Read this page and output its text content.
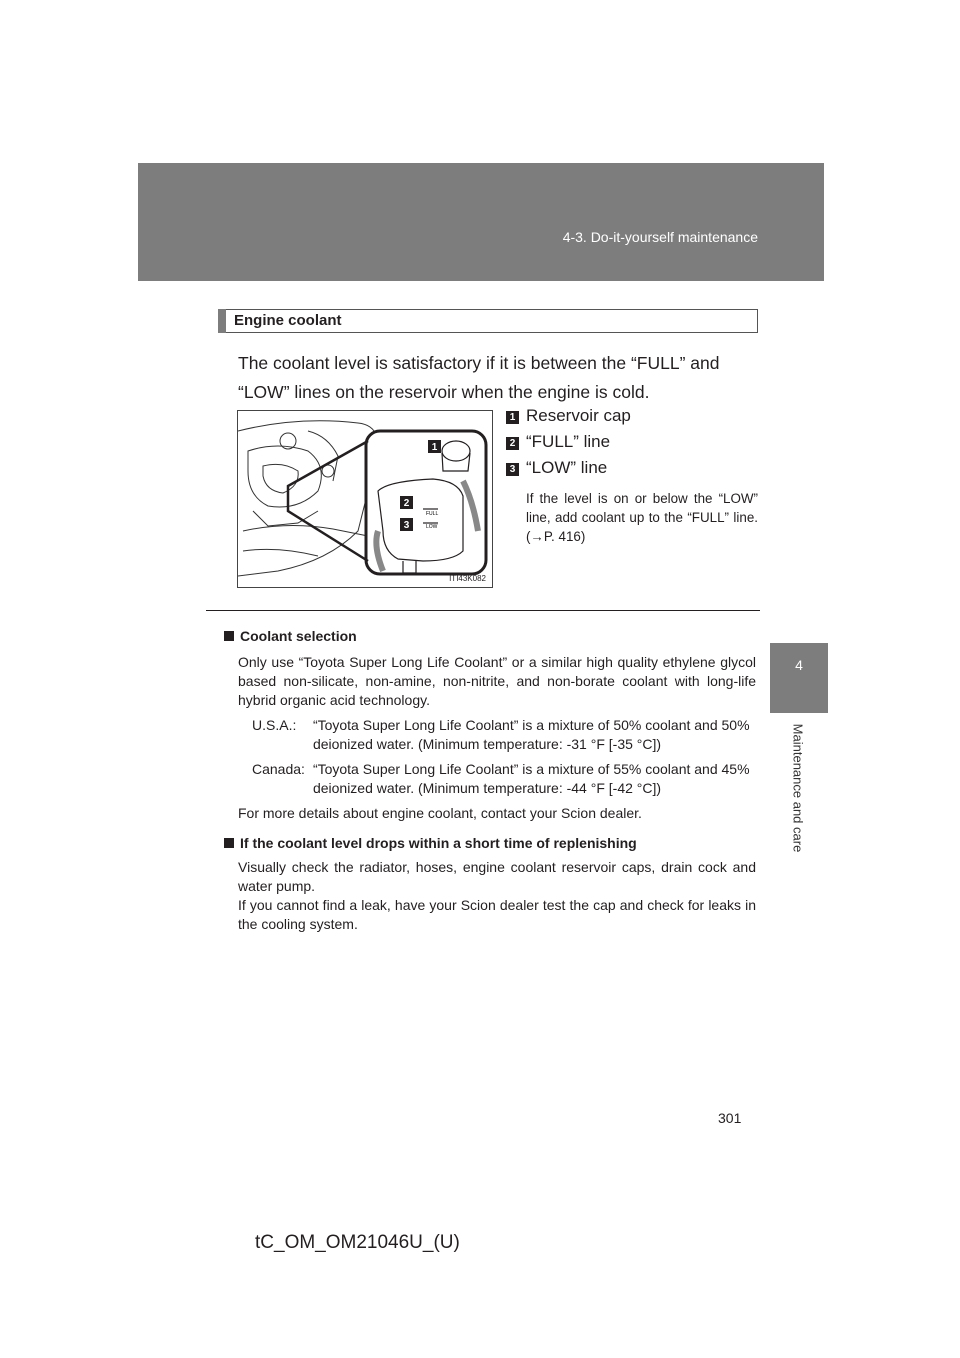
4-3. Do-it-yourself maintenance
4
Maintenance and care
Engine coolant
The coolant level is satisfactory if it is between the “FULL” and “LOW” lines on the reservoir when the engine is cold.
FULL
LOW
1
2
3
ITI43K082
1 Reservoir cap
2 “FULL” line
3 “LOW” line
If the level is on or below the “LOW” line, add coolant up to the “FULL” line. (→P. 416)
Coolant selection
Only use “Toyota Super Long Life Coolant” or a similar high quality ethylene glycol based non-silicate, non-amine, non-nitrite, and non-borate coolant with long-life hybrid organic acid technology.
U.S.A.:	“Toyota Super Long Life Coolant” is a mixture of 50% coolant and 50% deionized water. (Minimum temperature: -31 °F [-35 °C])
Canada:	“Toyota Super Long Life Coolant” is a mixture of 55% coolant and 45% deionized water. (Minimum temperature: -44 °F [-42 °C])
For more details about engine coolant, contact your Scion dealer.
If the coolant level drops within a short time of replenishing
Visually check the radiator, hoses, engine coolant reservoir caps, drain cock and water pump.
If you cannot find a leak, have your Scion dealer test the cap and check for leaks in the cooling system.
301
tC_OM_OM21046U_(U)
